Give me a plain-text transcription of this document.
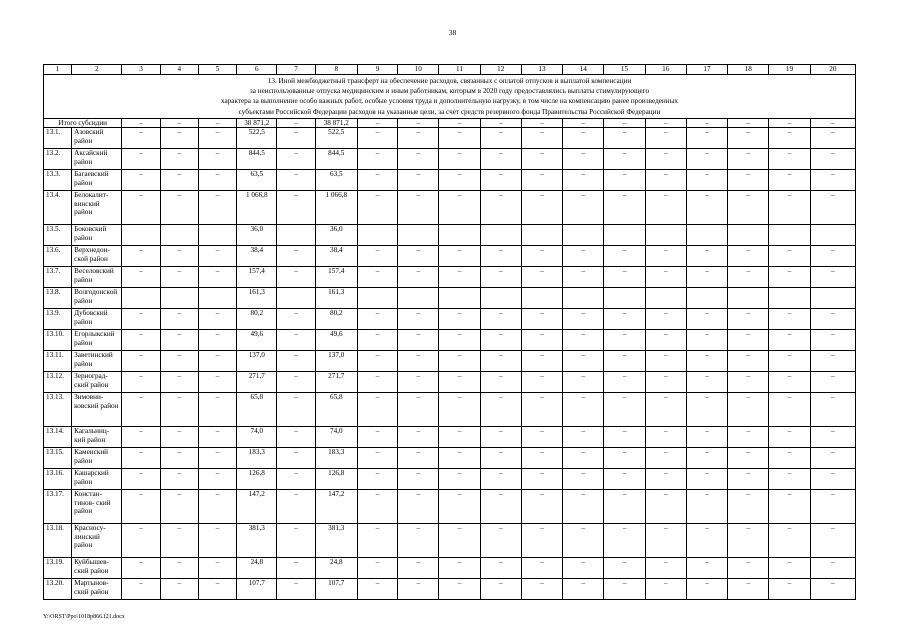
38
1	2	3	4	5	6	7	8	9	10	11	12	13	14	15	16	17	18	19	20

13. Иной межбюджетный трансферт на обеспечение расходов, связанных с оплатой отпусков и выплатой компенсации
за неиспользованные отпуска медицинским и иным работникам, которым в 2020 году предоставлялись выплаты стимулирующего
характера за выполнение особо важных работ, особые условия труда и дополнительную нагрузку, в том числе на компенсацию ранее произведенных
субъектами Российской Федерации расходов на указанные цели, за счет средств резервного фонда Правительства Российской Федерации																			

Итого субсидии		–	–	–	38 871,2	–	38 871,2	–	–	–	–	–	–	–	–	–	–	–	–
13.1.	Азовский район	–	–	–	522,5	–	522,5	–	–	–	–	–	–	–	–	–	–	–	–
13.2.	Аксайский район	–	–	–	844,5	–	844,5	–	–	–	–	–	–	–	–	–	–	–	–
13.3.	Багаевский район	–	–	–	63,5	–	63,5	–	–	–	–	–	–	–	–	–	–	–	–
13.4.	Белокалит- винский район	–	–	–	1 066,8	–	1 066,8	–	–	–	–	–	–	–	–	–	–	–	–
13.5.	Боковский район				36,0		36,0												
13.6.	Верхнедон- ской район	–	–	–	38,4	–	38,4	–	–	–	–	–	–	–	–	–	–	–	–
13.7.	Веселовский район	–	–	–	157,4	–	157,4	–	–	–	–	–	–	–	–	–	–	–	–
13.8.	Волгодонской район				161,3		161,3												
13.9.	Дубовский район	–	–	–	80,2	–	80,2	–	–	–	–	–	–	–	–	–	–	–	–
13.10.	Егорлыкский район	–	–	–	49,6	–	49,6	–	–	–	–	–	–	–	–	–	–	–	–
13.11.	Заветинский район	–	–	–	137,0	–	137,0	–	–	–	–	–	–	–	–	–	–	–	–
13.12.	Зерноград- ский район	–	–	–	271,7	–	271,7	–	–	–	–	–	–	–	–	–	–	–	–
13.13.	Зимовни- ковский район	–	–	–	65,8	–	65,8	–	–	–	–	–	–	–	–	–	–	–	–
13.14.	Кагальниц- кий район	–	–	–	74,0	–	74,0	–	–	–	–	–	–	–	–	–	–	–	–
13.15.	Каменский район	–	–	–	183,3	–	183,3	–	–	–	–	–	–	–	–	–	–	–	–
13.16.	Кашарский район	–	–	–	126,8	–	126,8	–	–	–	–	–	–	–	–	–	–	–	–
13.17.	Константинов- ский район	–	–	–	147,2	–	147,2	–	–	–	–	–	–	–	–	–	–	–	–
13.18.	Красносу- линский район	–	–	–	381,3	–	381,3	–	–	–	–	–	–	–	–	–	–	–	–
13.19.	Куйбышев- ский район	–	–	–	24,8	–	24,8	–	–	–	–	–	–	–	–	–	–	–	–
13.20.	Мартынов- ский район	–	–	–	107,7	–	107,7	–	–	–	–	–	–	–	–	–	–	–	–
Y:\ORST\Ppo\1018p866.f21.docx
